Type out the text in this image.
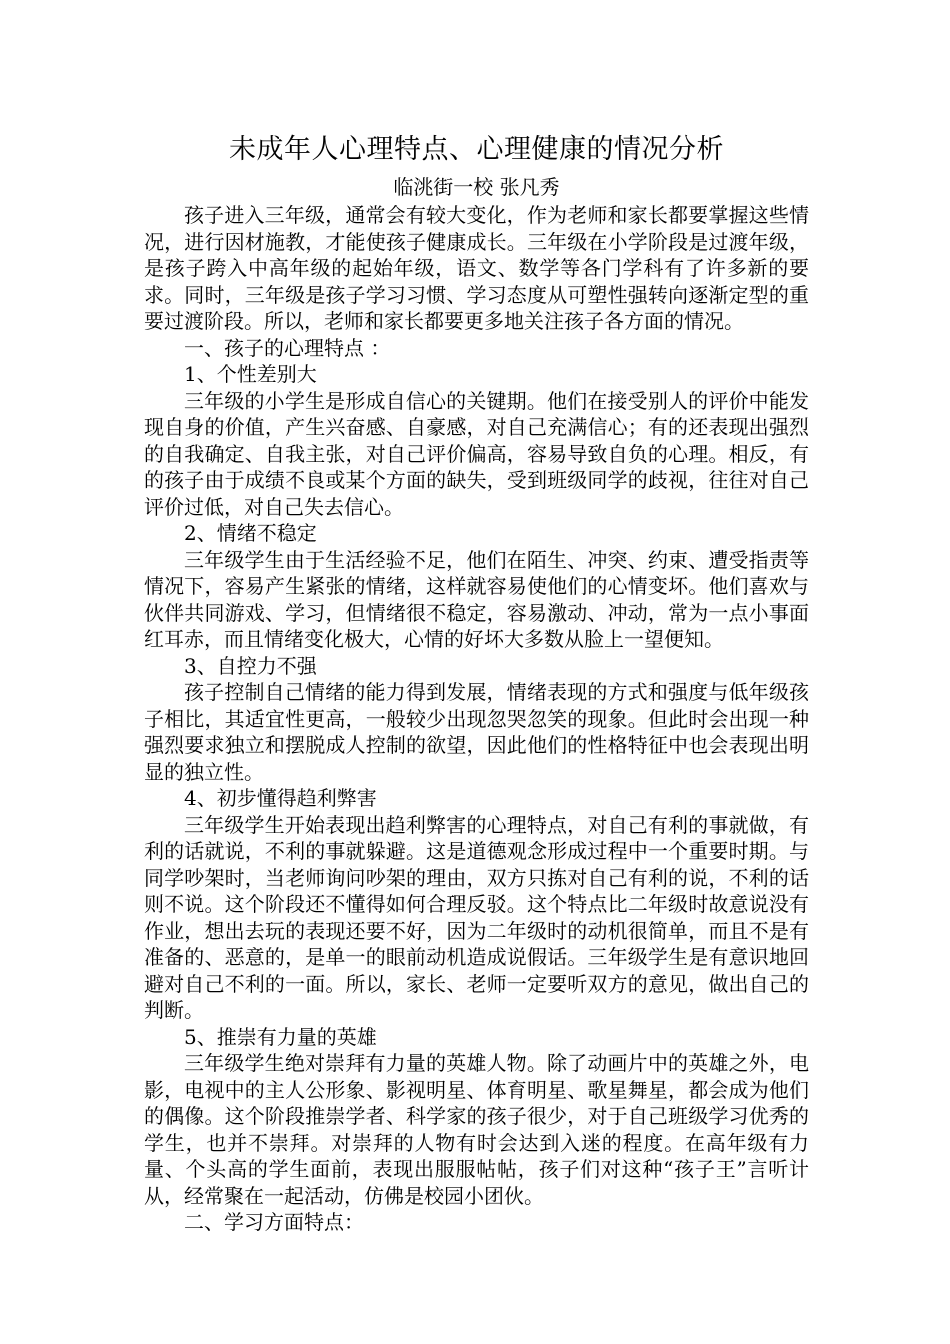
未成年人心理特点、心理健康的情况分析

临洮街一校 张凡秀

孩子进入三年级，通常会有较大变化，作为老师和家长都要掌握这些情况，进行因材施教，才能使孩子健康成长。三年级在小学阶段是过渡年级，是孩子跨入中高年级的起始年级，语文、数学等各门学科有了许多新的要求。同时，三年级是孩子学习习惯、学习态度从可塑性强转向逐渐定型的重要过渡阶段。所以，老师和家长都要更多地关注孩子各方面的情况。

一、孩子的心理特点 ：

1、个性差别大

三年级的小学生是形成自信心的关键期。他们在接受别人的评价中能发现自身的价值，产生兴奋感、自豪感，对自己充满信心；有的还表现出强烈的自我确定、自我主张，对自己评价偏高，容易导致自负的心理。相反，有的孩子由于成绩不良或某个方面的缺失，受到班级同学的歧视，往往对自己评价过低，对自己失去信心。

2、情绪不稳定

三年级学生由于生活经验不足，他们在陌生、冲突、约束、遭受指责等情况下，容易产生紧张的情绪，这样就容易使他们的心情变坏。他们喜欢与伙伴共同游戏、学习，但情绪很不稳定，容易激动、冲动，常为一点小事面红耳赤，而且情绪变化极大，心情的好坏大多数从脸上一望便知。

3、自控力不强

孩子控制自己情绪的能力得到发展，情绪表现的方式和强度与低年级孩子相比，其适宜性更高，一般较少出现忽哭忽笑的现象。但此时会出现一种强烈要求独立和摆脱成人控制的欲望，因此他们的性格特征中也会表现出明显的独立性。

4、初步懂得趋利弊害

三年级学生开始表现出趋利弊害的心理特点，对自己有利的事就做，有利的话就说，不利的事就躲避。这是道德观念形成过程中一个重要时期。与同学吵架时，当老师询问吵架的理由，双方只拣对自己有利的说，不利的话则不说。这个阶段还不懂得如何合理反驳。这个特点比二年级时故意说没有作业，想出去玩的表现还要不好，因为二年级时的动机很简单，而且不是有准备的、恶意的，是单一的眼前动机造成说假话。三年级学生是有意识地回避对自己不利的一面。所以，家长、老师一定要听双方的意见，做出自己的判断。

5、推崇有力量的英雄

三年级学生绝对崇拜有力量的英雄人物。除了动画片中的英雄之外，电影，电视中的主人公形象、影视明星、体育明星、歌星舞星，都会成为他们的偶像。这个阶段推崇学者、科学家的孩子很少，对于自己班级学习优秀的学生，也并不崇拜。对崇拜的人物有时会达到入迷的程度。在高年级有力量、个头高的学生面前，表现出服服帖帖，孩子们对这种“孩子王”言听计从，经常聚在一起活动，仿佛是校园小团伙。

二、学习方面特点：
